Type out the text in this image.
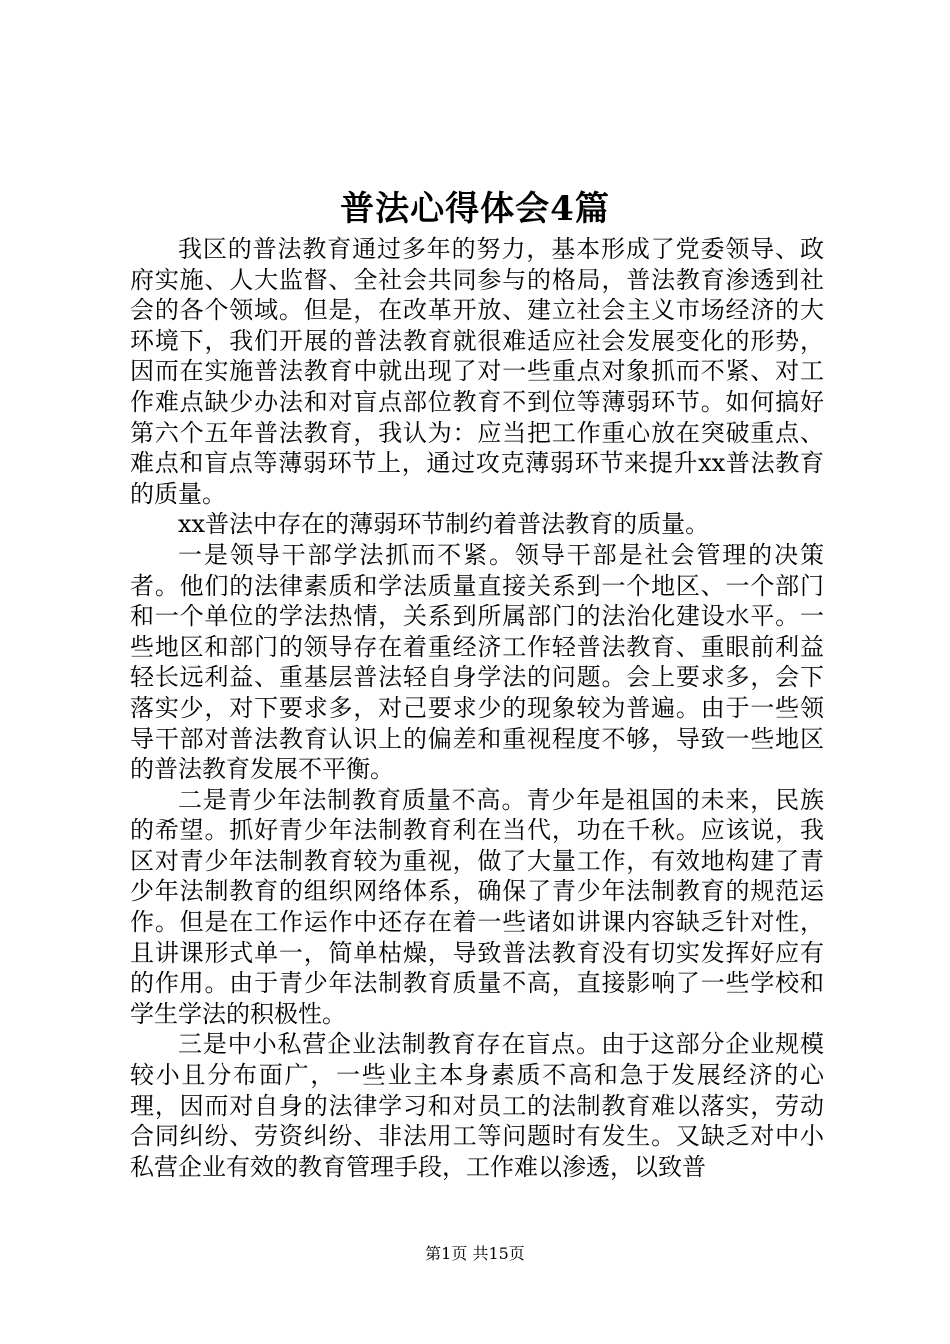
普法心得体会4篇

我区的普法教育通过多年的努力，基本形成了党委领导、政府实施、人大监督、全社会共同参与的格局，普法教育渗透到社会的各个领域。但是，在改革开放、建立社会主义市场经济的大环境下，我们开展的普法教育就很难适应社会发展变化的形势，因而在实施普法教育中就出现了对一些重点对象抓而不紧、对工作难点缺少办法和对盲点部位教育不到位等薄弱环节。如何搞好第六个五年普法教育，我认为：应当把工作重心放在突破重点、难点和盲点等薄弱环节上，通过攻克薄弱环节来提升xx普法教育的质量。

xx普法中存在的薄弱环节制约着普法教育的质量。

一是领导干部学法抓而不紧。领导干部是社会管理的决策者。他们的法律素质和学法质量直接关系到一个地区、一个部门和一个单位的学法热情，关系到所属部门的法治化建设水平。一些地区和部门的领导存在着重经济工作轻普法教育、重眼前利益轻长远利益、重基层普法轻自身学法的问题。会上要求多，会下落实少，对下要求多，对己要求少的现象较为普遍。由于一些领导干部对普法教育认识上的偏差和重视程度不够，导致一些地区的普法教育发展不平衡。

二是青少年法制教育质量不高。青少年是祖国的未来，民族的希望。抓好青少年法制教育利在当代，功在千秋。应该说，我区对青少年法制教育较为重视，做了大量工作，有效地构建了青少年法制教育的组织网络体系，确保了青少年法制教育的规范运作。但是在工作运作中还存在着一些诸如讲课内容缺乏针对性，且讲课形式单一，简单枯燥，导致普法教育没有切实发挥好应有的作用。由于青少年法制教育质量不高，直接影响了一些学校和学生学法的积极性。

三是中小私营企业法制教育存在盲点。由于这部分企业规模较小且分布面广，一些业主本身素质不高和急于发展经济的心理，因而对自身的法律学习和对员工的法制教育难以落实，劳动合同纠纷、劳资纠纷、非法用工等问题时有发生。又缺乏对中小私营企业有效的教育管理手段，工作难以渗透，以致普

第1页 共15页
